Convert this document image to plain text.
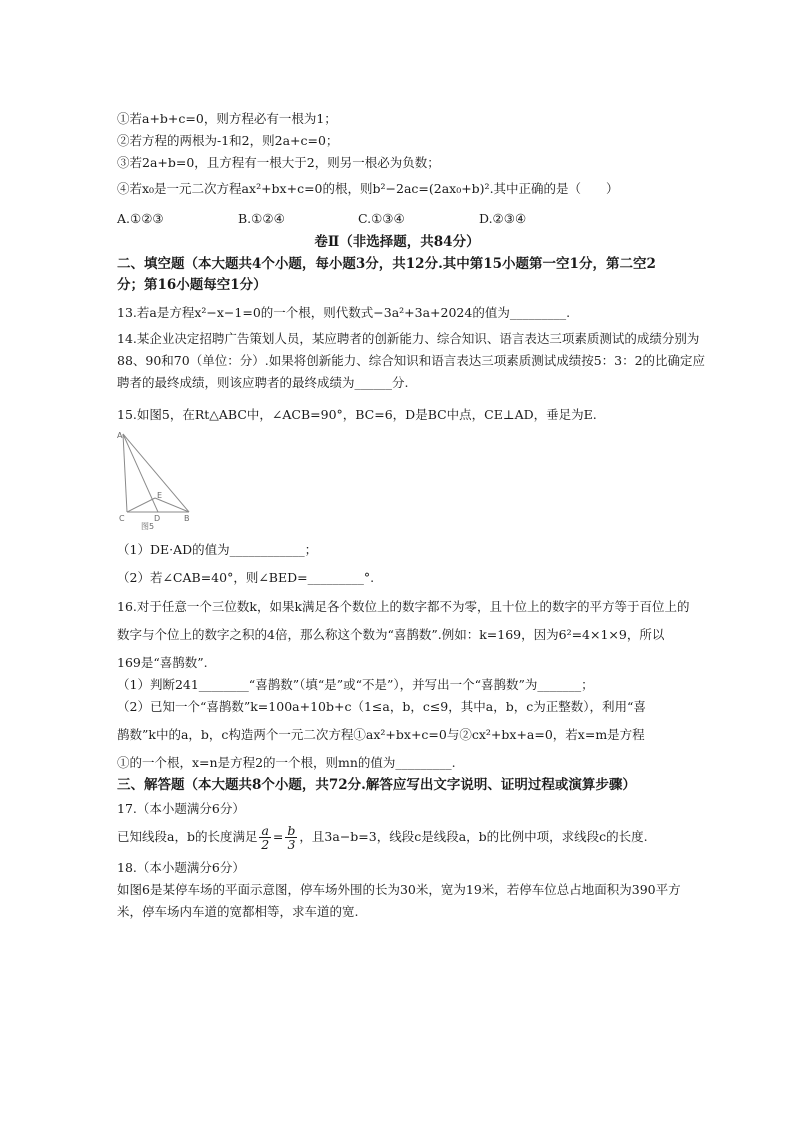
①若a+b+c=0，则方程必有一根为1；
②若方程的两根为-1和2，则2a+c=0；
③若2a+b=0，且方程有一根大于2，则另一根必为负数；
④若x₀是一元二次方程ax²+bx+c=0的根，则b²−2ac=(2ax₀+b)².其中正确的是（　　）
A.①②③	B.①②④	C.①③④	D.②③④
卷Ⅱ（非选择题，共84分）
二、填空题（本大题共4个小题，每小题3分，共12分.其中第15小题第一空1分，第二空2
分；第16小题每空1分）
13.若a是方程x²−x−1=0的一个根，则代数式−3a²+3a+2024的值为_________.
14.某企业决定招聘广告策划人员，某应聘者的创新能力、综合知识、语言表达三项素质测试的成绩分别为
88、90和70（单位：分）.如果将创新能力、综合知识和语言表达三项素质测试成绩按5：3：2的比确定应
聘者的最终成绩，则该应聘者的最终成绩为______分.
15.如图5，在Rt△ABC中，∠ACB=90°，BC=6，D是BC中点，CE⊥AD，垂足为E.
A
E
C	D	B
图5
（1）DE·AD的值为____________；
（2）若∠CAB=40°，则∠BED=_________°.
16.对于任意一个三位数k，如果k满足各个数位上的数字都不为零，且十位上的数字的平方等于百位上的
数字与个位上的数字之积的4倍，那么称这个数为“喜鹊数”.例如：k=169，因为6²=4×1×9，所以
169是“喜鹊数”.
（1）判断241________“喜鹊数”（填“是”或“不是”），并写出一个“喜鹊数”为_______；
（2）已知一个“喜鹊数”k=100a+10b+c（1≤a，b，c≤9，其中a，b，c为正整数），利用“喜
鹊数”k中的a，b，c构造两个一元二次方程①ax²+bx+c=0与②cx²+bx+a=0，若x=m是方程
①的一个根，x=n是方程2的一个根，则mn的值为_________.
三、解答题（本大题共8个小题，共72分.解答应写出文字说明、证明过程或演算步骤）
17.（本小题满分6分）
已知线段a，b的长度满足 $\frac{a}{2} = \frac{b}{3}$ ，且3a−b=3，线段c是线段a，b的比例中项，求线段c的长度.
18.（本小题满分6分）
如图6是某停车场的平面示意图，停车场外围的长为30米，宽为19米，若停车位总占地面积为390平方
米，停车场内车道的宽都相等，求车道的宽.
